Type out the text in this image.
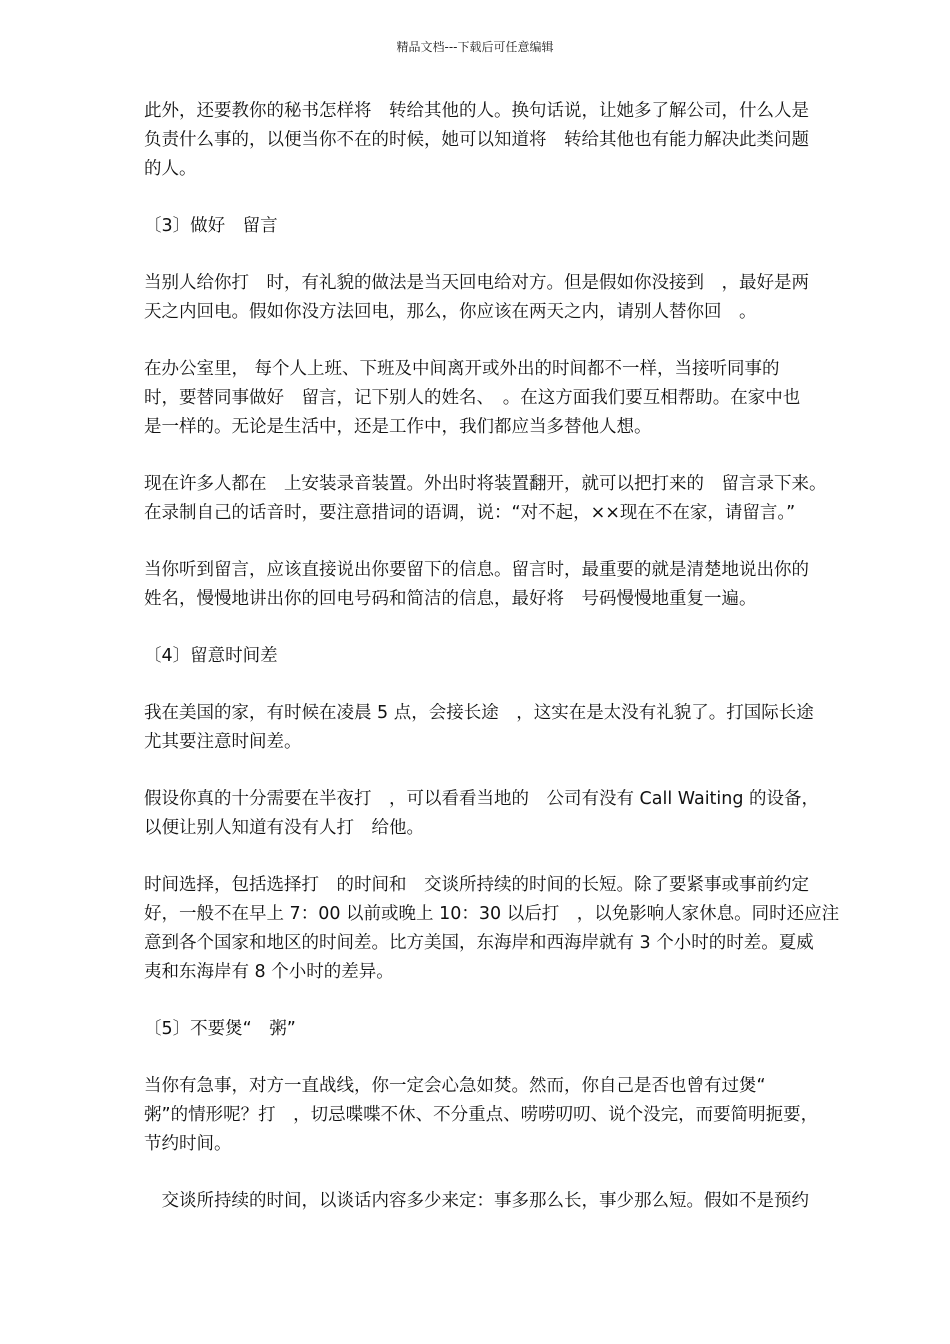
精品文档---下载后可任意编辑
此外，还要教你的秘书怎样将　转给其他的人。换句话说，让她多了解公司，什么人是
负责什么事的，以便当你不在的时候，她可以知道将　转给其他也有能力解决此类问题
的人。
〔3〕做好　留言
当别人给你打　时，有礼貌的做法是当天回电给对方。但是假如你没接到　，最好是两
天之内回电。假如你没方法回电，那么，你应该在两天之内，请别人替你回　。
在办公室里， 每个人上班、下班及中间离开或外出的时间都不一样，当接听同事的
时，要替同事做好　留言，记下别人的姓名、　。在这方面我们要互相帮助。在家中也
是一样的。无论是生活中，还是工作中，我们都应当多替他人想。
现在许多人都在　上安装录音装置。外出时将装置翻开，就可以把打来的　留言录下来。
在录制自己的话音时，要注意措词的语调，说：“对不起，××现在不在家，请留言。”
当你听到留言，应该直接说出你要留下的信息。留言时，最重要的就是清楚地说出你的
姓名，慢慢地讲出你的回电号码和简洁的信息，最好将　号码慢慢地重复一遍。
〔4〕留意时间差
我在美国的家，有时候在凌晨 5 点，会接长途　，这实在是太没有礼貌了。打国际长途
尤其要注意时间差。
假设你真的十分需要在半夜打　，可以看看当地的　公司有没有 Call Waiting 的设备，
以便让别人知道有没有人打　给他。
时间选择，包括选择打　的时间和　交谈所持续的时间的长短。除了要紧事或事前约定
好，一般不在早上 7：00 以前或晚上 10：30 以后打　，以免影响人家休息。同时还应注
意到各个国家和地区的时间差。比方美国，东海岸和西海岸就有 3 个小时的时差。夏威
夷和东海岸有 8 个小时的差异。
〔5〕不要煲“　粥”
当你有急事，对方一直战线，你一定会心急如焚。然而，你自己是否也曾有过煲“
粥”的情形呢？打　，切忌喋喋不休、不分重点、唠唠叨叨、说个没完，而要简明扼要，
节约时间。
　交谈所持续的时间，以谈话内容多少来定：事多那么长，事少那么短。假如不是预约
